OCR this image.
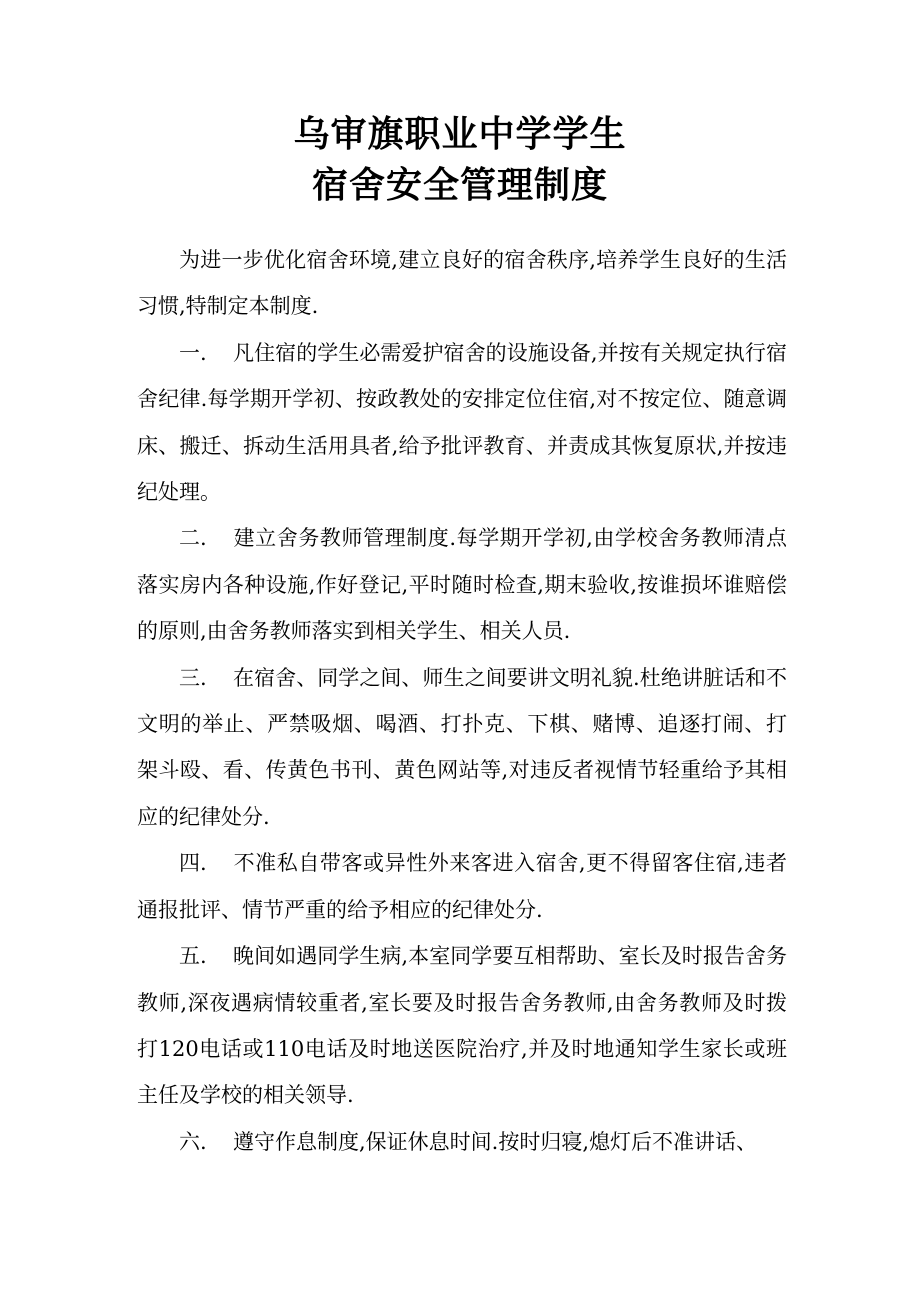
乌审旗职业中学学生
宿舍安全管理制度

为进一步优化宿舍环境,建立良好的宿舍秩序,培养学生良好的生活习惯,特制定本制度.

一. 凡住宿的学生必需爱护宿舍的设施设备,并按有关规定执行宿舍纪律.每学期开学初、按政教处的安排定位住宿,对不按定位、随意调床、搬迁、拆动生活用具者,给予批评教育、并责成其恢复原状,并按违纪处理。

二. 建立舍务教师管理制度.每学期开学初,由学校舍务教师清点落实房内各种设施,作好登记,平时随时检查,期末验收,按谁损坏谁赔偿的原则,由舍务教师落实到相关学生、相关人员.

三. 在宿舍、同学之间、师生之间要讲文明礼貌.杜绝讲脏话和不文明的举止、严禁吸烟、喝酒、打扑克、下棋、赌博、追逐打闹、打架斗殴、看、传黄色书刊、黄色网站等,对违反者视情节轻重给予其相应的纪律处分.

四. 不准私自带客或异性外来客进入宿舍,更不得留客住宿,违者通报批评、情节严重的给予相应的纪律处分.

五. 晚间如遇同学生病,本室同学要互相帮助、室长及时报告舍务教师,深夜遇病情较重者,室长要及时报告舍务教师,由舍务教师及时拨打120电话或110电话及时地送医院治疗,并及时地通知学生家长或班主任及学校的相关领导.

六. 遵守作息制度,保证休息时间.按时归寝,熄灯后不准讲话、
